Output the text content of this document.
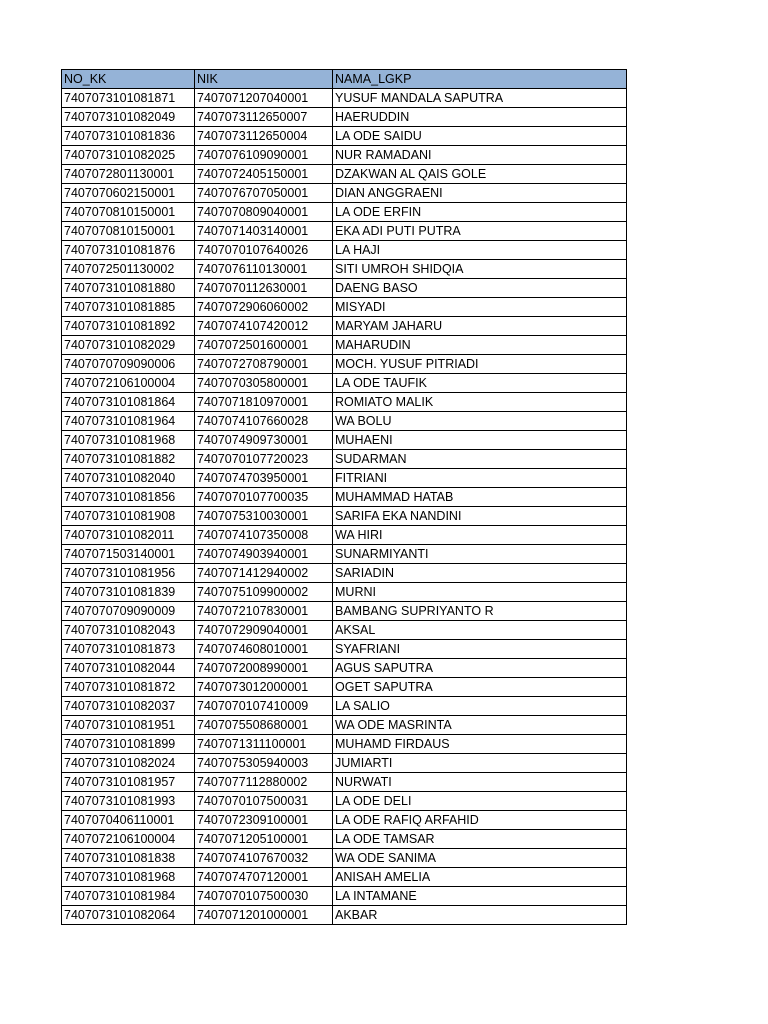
NO_KK	NIK	NAMA_LGKP
7407073101081871	7407071207040001	YUSUF MANDALA SAPUTRA
7407073101082049	7407073112650007	HAERUDDIN
7407073101081836	7407073112650004	LA ODE SAIDU
7407073101082025	7407076109090001	NUR RAMADANI
7407072801130001	7407072405150001	DZAKWAN AL QAIS GOLE
7407070602150001	7407076707050001	DIAN ANGGRAENI
7407070810150001	7407070809040001	LA ODE ERFIN
7407070810150001	7407071403140001	EKA ADI PUTI PUTRA
7407073101081876	7407070107640026	LA HAJI
7407072501130002	7407076110130001	SITI UMROH SHIDQIA
7407073101081880	7407070112630001	DAENG BASO
7407073101081885	7407072906060002	MISYADI
7407073101081892	7407074107420012	MARYAM JAHARU
7407073101082029	7407072501600001	MAHARUDIN
7407070709090006	7407072708790001	MOCH. YUSUF PITRIADI
7407072106100004	7407070305800001	LA ODE TAUFIK
7407073101081864	7407071810970001	ROMIATO MALIK
7407073101081964	7407074107660028	WA BOLU
7407073101081968	7407074909730001	MUHAENI
7407073101081882	7407070107720023	SUDARMAN
7407073101082040	7407074703950001	FITRIANI
7407073101081856	7407070107700035	MUHAMMAD HATAB
7407073101081908	7407075310030001	SARIFA EKA NANDINI
7407073101082011	7407074107350008	WA HIRI
7407071503140001	7407074903940001	SUNARMIYANTI
7407073101081956	7407071412940002	SARIADIN
7407073101081839	7407075109900002	MURNI
7407070709090009	7407072107830001	BAMBANG SUPRIYANTO R
7407073101082043	7407072909040001	AKSAL
7407073101081873	7407074608010001	SYAFRIANI
7407073101082044	7407072008990001	AGUS SAPUTRA
7407073101081872	7407073012000001	OGET SAPUTRA
7407073101082037	7407070107410009	LA SALIO
7407073101081951	7407075508680001	WA ODE MASRINTA
7407073101081899	7407071311100001	MUHAMD FIRDAUS
7407073101082024	7407075305940003	JUMIARTI
7407073101081957	7407077112880002	NURWATI
7407073101081993	7407070107500031	LA ODE DELI
7407070406110001	7407072309100001	LA ODE RAFIQ ARFAHID
7407072106100004	7407071205100001	LA ODE TAMSAR
7407073101081838	7407074107670032	WA ODE SANIMA
7407073101081968	7407074707120001	ANISAH AMELIA
7407073101081984	7407070107500030	LA INTAMANE
7407073101082064	7407071201000001	AKBAR
